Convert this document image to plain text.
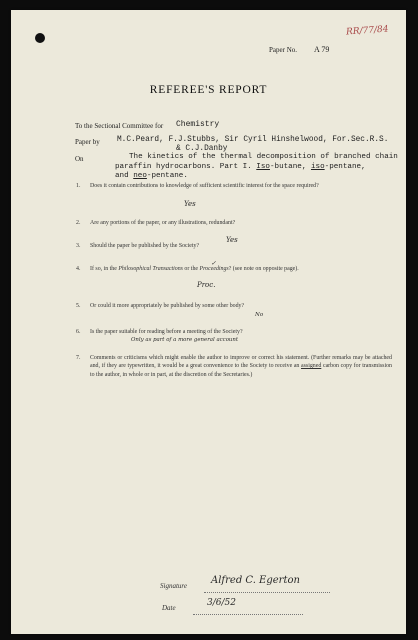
RR/77/84
Paper No. A 79
REFEREE'S REPORT
To the Sectional Committee for Chemistry
Paper by M.C.Peard, F.J.Stubbs, Sir Cyril Hinshelwood, For.Sec.R.S.
& C.J.Danby
On	The kinetics of the thermal decomposition of branched chain
paraffin hydrocarbons. Part I. Iso-butane, iso-pentane,
and neo-pentane.
1. Does it contain contributions to knowledge of sufficient scientific interest for the space required?
Yes
2. Are any portions of the paper, or any illustrations, redundant?
3. Should the paper be published by the Society?
Yes
4. If so, in the Philosophical Transactions or the Proceedings? (see note on opposite page).
✓
Proc.
5. Or could it more appropriately be published by some other body?
No
6. Is the paper suitable for reading before a meeting of the Society?
Only as part of a more general account
7. Comments or criticisms which might enable the author to improve or correct his statement. (Further remarks may be attached and, if they are typewritten, it would be a great convenience to the Society to receive an assigned carbon copy for transmission to the author, in whole or in part, at the discretion of the Secretaries.)
Signature Alfred C. Egerton
Date	3/6/52
